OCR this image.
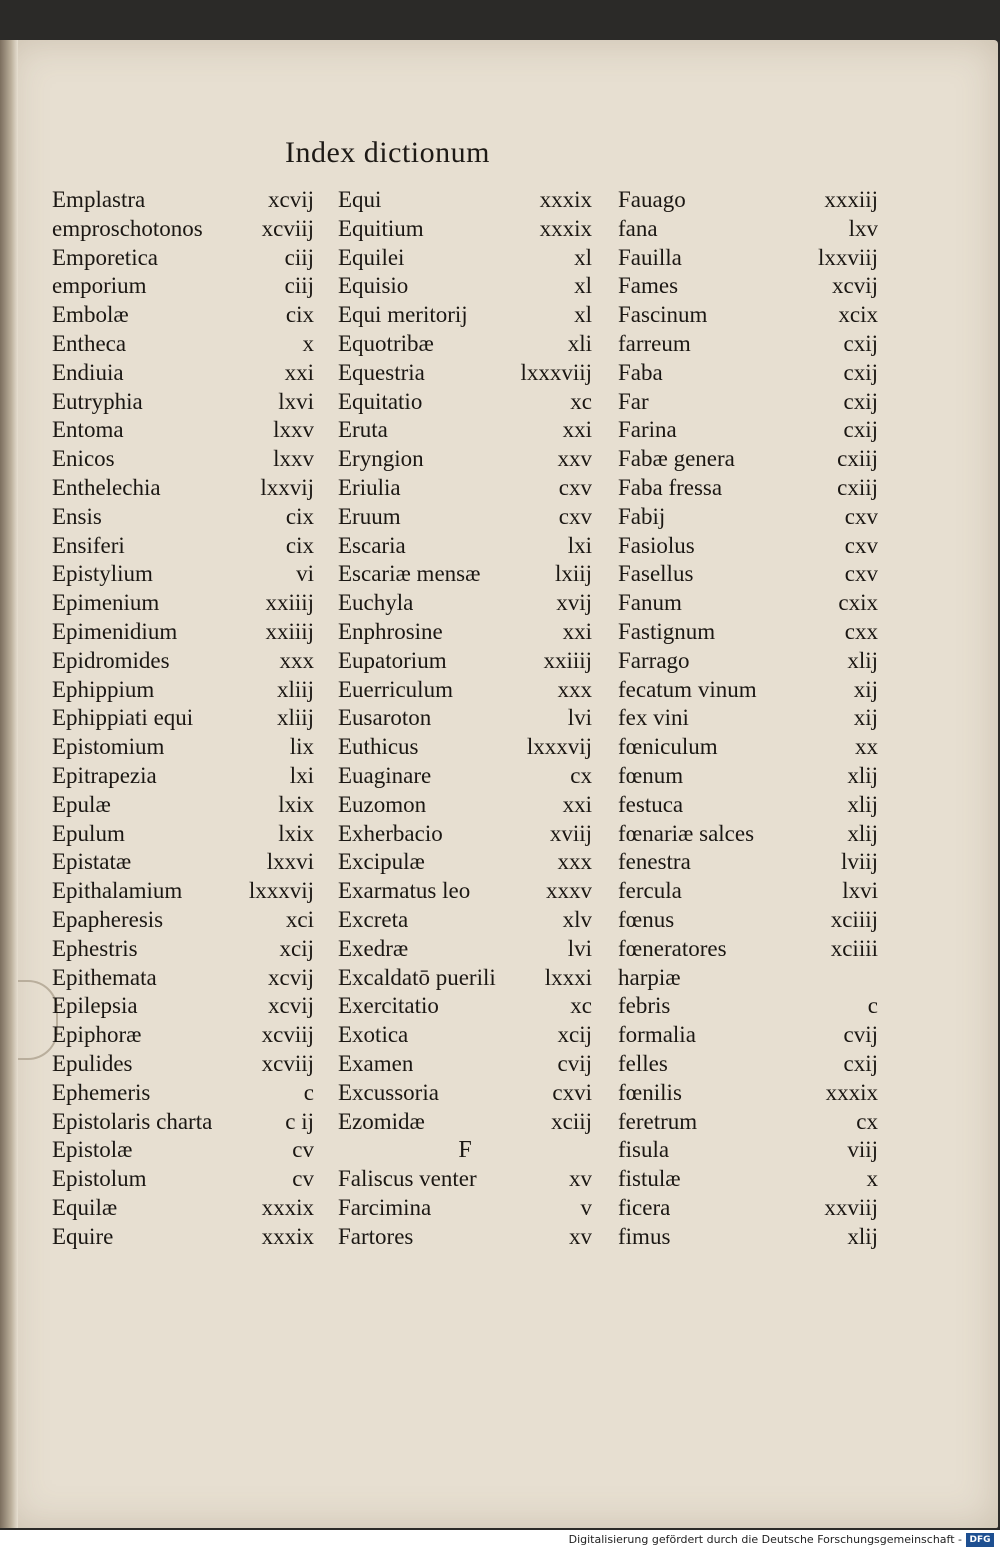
Index dictionum
Emplastra	xcvij
emproschotonos	xcviij
Emporetica	ciij
emporium	ciij
Embolæ	cix
Entheca	x
Endiuia	xxi
Eutryphia	lxvi
Entoma	lxxv
Enicos	lxxv
Enthelechia	lxxvij
Ensis	cix
Ensiferi	cix
Epistylium	vi
Epimenium	xxiiij
Epimenidium	xxiiij
Epidromides	xxx
Ephippium	xliij
Ephippiati equi	xliij
Epistomium	lix
Epitrapezia	lxi
Epulæ	lxix
Epulum	lxix
Epistatæ	lxxvi
Epithalamium	lxxxvij
Epapheresis	xci
Ephestris	xcij
Epithemata	xcvij
Epilepsia	xcvij
Epiphoræ	xcviij
Epulides	xcviij
Ephemeris	c
Epistolaris charta	c ij
Epistolæ	cv
Epistolum	cv
Equilæ	xxxix
Equire	xxxix
Equi	xxxix
Equitium	xxxix
Equilei	xl
Equisio	xl
Equi meritorij	xl
Equotribæ	xli
Equestria	lxxxviij
Equitatio	xc
Eruta	xxi
Eryngion	xxv
Eriulia	cxv
Eruum	cxv
Escaria	lxi
Escariæ mensæ	lxiij
Euchyla	xvij
Enphrosine	xxi
Eupatorium	xxiiij
Euerriculum	xxx
Eusaroton	lvi
Euthicus	lxxxvij
Euaginare	cx
Euzomon	xxi
Exherbacio	xviij
Excipulæ	xxx
Exarmatus leo	xxxv
Excreta	xlv
Exedræ	lvi
Excaldatō puerili lxxxi
Exercitatio	xc
Exotica	xcij
Examen	cvij
Excussoria	cxvi
Ezomidæ	xciij
F
Faliscus venter	xv
Farcimina	v
Fartores	xv
Fauago	xxxiij
fana	lxv
Fauilla	lxxviij
Fames	xcvij
Fascinum	xcix
farreum	cxij
Faba	cxij
Far	cxij
Farina	cxij
Fabæ genera	cxiij
Faba fressa	cxiij
Fabij	cxv
Fasiolus	cxv
Fasellus	cxv
Fanum	cxix
Fastignum	cxx
Farrago	xlij
fecatum vinum	xij
fex vini	xij
fœniculum	xx
fœnum	xlij
festuca	xlij
fœnariæ salces	xlij
fenestra	lviij
fercula	lxvi
fœnus	xciiij
fœneratores	xciiii
harpiæ
febris	c
formalia	cvij
felles	cxij
fœnilis	xxxix
feretrum	cx
fisula	viij
fistulæ	x
ficera	xxviij
fimus	xlij
Digitalisierung gefördert durch die Deutsche Forschungsgemeinschaft - DFG
